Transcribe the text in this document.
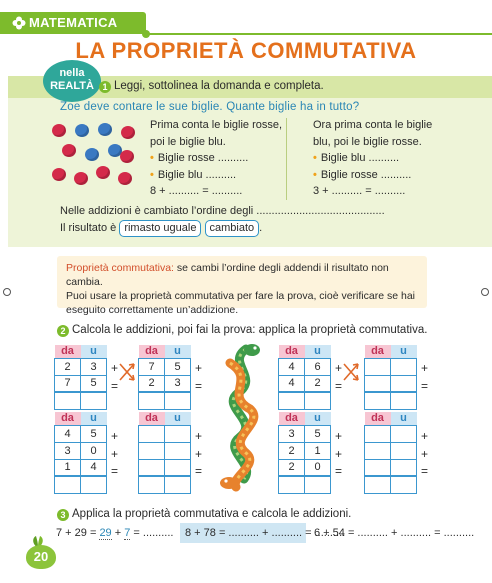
MATEMATICA
LA PROPRIETÀ COMMUTATIVA
nella
REALTÀ 1 Leggi, sottolinea la domanda e completa.
Zoe deve contare le sue biglie. Quante biglie ha in tutto?
Prima conta le biglie rosse,
poi le biglie blu.
• Biglie rosse ..........
• Biglie blu ..........
8 + .......... = ..........
Ora prima conta le biglie
blu, poi le biglie rosse.
• Biglie blu ..........
• Biglie rosse ..........
3 + .......... = ..........
Nelle addizioni è cambiato l’ordine degli ..........................................
Il risultato è rimasto uguale cambiato .
Proprietà commutativa: se cambi l’ordine degli addendi il risultato non cambia.
Puoi usare la proprietà commutativa per fare la prova, cioè verificare se hai
eseguito correttamente un’addizione.
2 Calcola le addizioni, poi fai la prova: applica la proprietà commutativa.
da	u
2	3
7	5

+
=
da	u
7	5
2	3

+
=
da	u
4	6
4	2

+
=
da	u

+
=
da	u
4	5
3	0
1	4

+
+
=
da	u

+
+
=
da	u
3	5
2	1
2	0

+
+
=
da	u

+
+
=
3 Applica la proprietà commutativa e calcola le addizioni.
7 + 29 = 29 + 7 = ..........	8 + 78 = .......... + .......... = ..........
6 + 54 = .......... + .......... = ..........
20
